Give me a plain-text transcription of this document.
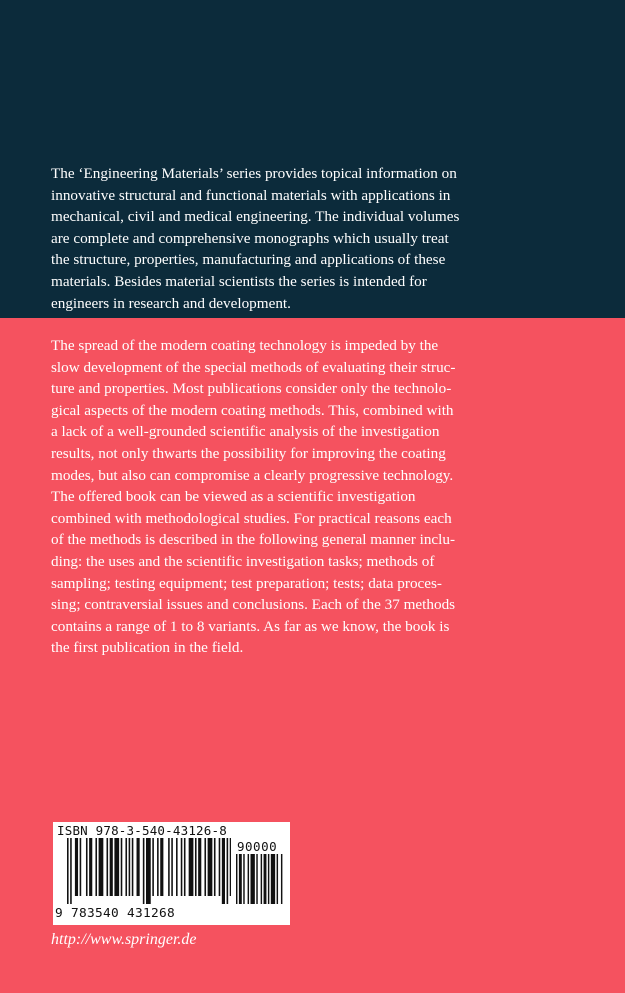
The ‘Engineering Materials’ series provides topical information on
innovative structural and functional materials with applications in
mechanical, civil and medical engineering. The individual volumes
are complete and comprehensive monographs which usually treat
the structure, properties, manufacturing and applications of these
materials. Besides material scientists the series is intended for
engineers in research and development.

The spread of the modern coating technology is impeded by the
slow development of the special methods of evaluating their struc-
ture and properties. Most publications consider only the technolo-
gical aspects of the modern coating methods. This, combined with
a lack of a well-grounded scientific analysis of the investigation
results, not only thwarts the possibility for improving the coating
modes, but also can compromise a clearly progressive technology.
The offered book can be viewed as a scientific investigation
combined with methodological studies. For practical reasons each
of the methods is described in the following general manner inclu-
ding: the uses and the scientific investigation tasks; methods of
sampling; testing equipment; test preparation; tests; data proces-
sing; contraversial issues and conclusions. Each of the 37 methods
contains a range of 1 to 8 variants. As far as we know, the book is
the first publication in the field.

ISBN 978-3-540-43126-8
90000
9 783540 431268
http://www.springer.de
